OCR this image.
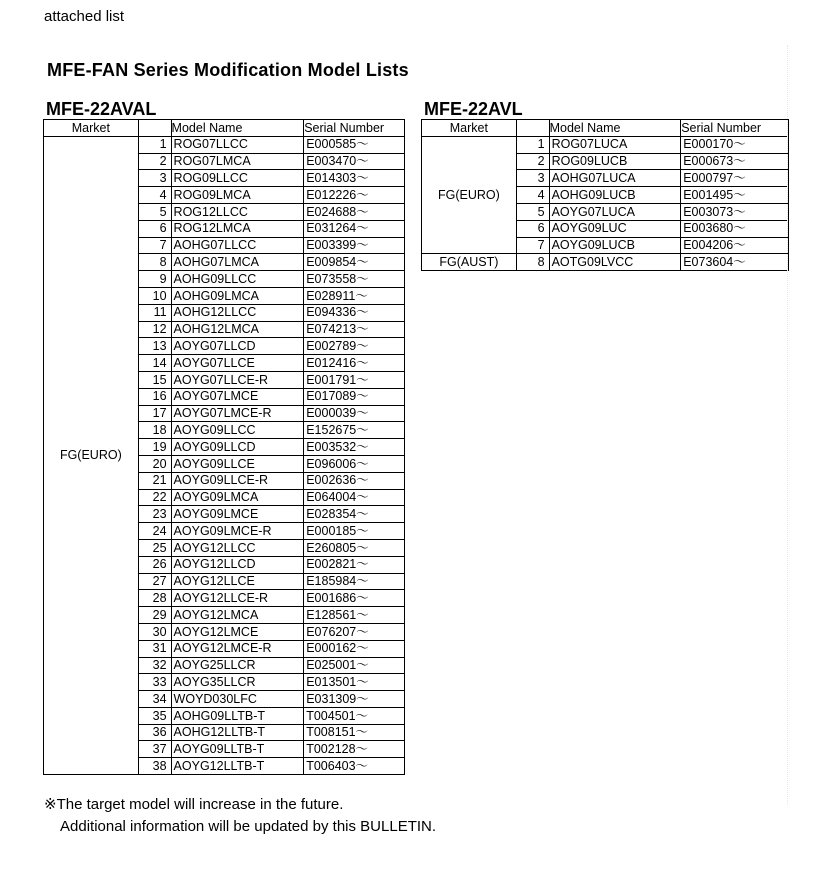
attached list
MFE-FAN Series Modification Model Lists
MFE-22AVAL	MFE-22AVL
Market		Model Name	Serial Number
FG(EURO)	1	ROG07LLCC	E000585～
	2	ROG07LMCA	E003470～
	3	ROG09LLCC	E014303～
	4	ROG09LMCA	E012226～
	5	ROG12LLCC	E024688～
	6	ROG12LMCA	E031264～
	7	AOHG07LLCC	E003399～
	8	AOHG07LMCA	E009854～
	9	AOHG09LLCC	E073558～
	10	AOHG09LMCA	E028911～
	11	AOHG12LLCC	E094336～
	12	AOHG12LMCA	E074213～
	13	AOYG07LLCD	E002789～
	14	AOYG07LLCE	E012416～
	15	AOYG07LLCE-R	E001791～
	16	AOYG07LMCE	E017089～
	17	AOYG07LMCE-R	E000039～
	18	AOYG09LLCC	E152675～
	19	AOYG09LLCD	E003532～
	20	AOYG09LLCE	E096006～
	21	AOYG09LLCE-R	E002636～
	22	AOYG09LMCA	E064004～
	23	AOYG09LMCE	E028354～
	24	AOYG09LMCE-R	E000185～
	25	AOYG12LLCC	E260805～
	26	AOYG12LLCD	E002821～
	27	AOYG12LLCE	E185984～
	28	AOYG12LLCE-R	E001686～
	29	AOYG12LMCA	E128561～
	30	AOYG12LMCE	E076207～
	31	AOYG12LMCE-R	E000162～
	32	AOYG25LLCR	E025001～
	33	AOYG35LLCR	E013501～
	34	WOYD030LFC	E031309～
	35	AOHG09LLTB-T	T004501～
	36	AOHG12LLTB-T	T008151～
	37	AOYG09LLTB-T	T002128～
	38	AOYG12LLTB-T	T006403～
Market		Model Name	Serial Number
FG(EURO)	1	ROG07LUCA	E000170～
	2	ROG09LUCB	E000673～
	3	AOHG07LUCA	E000797～
	4	AOHG09LUCB	E001495～
	5	AOYG07LUCA	E003073～
	6	AOYG09LUC	E003680～
	7	AOYG09LUCB	E004206～
FG(AUST)	8	AOTG09LVCC	E073604～
※The target model will increase in the future.
Additional information will be updated by this BULLETIN.
